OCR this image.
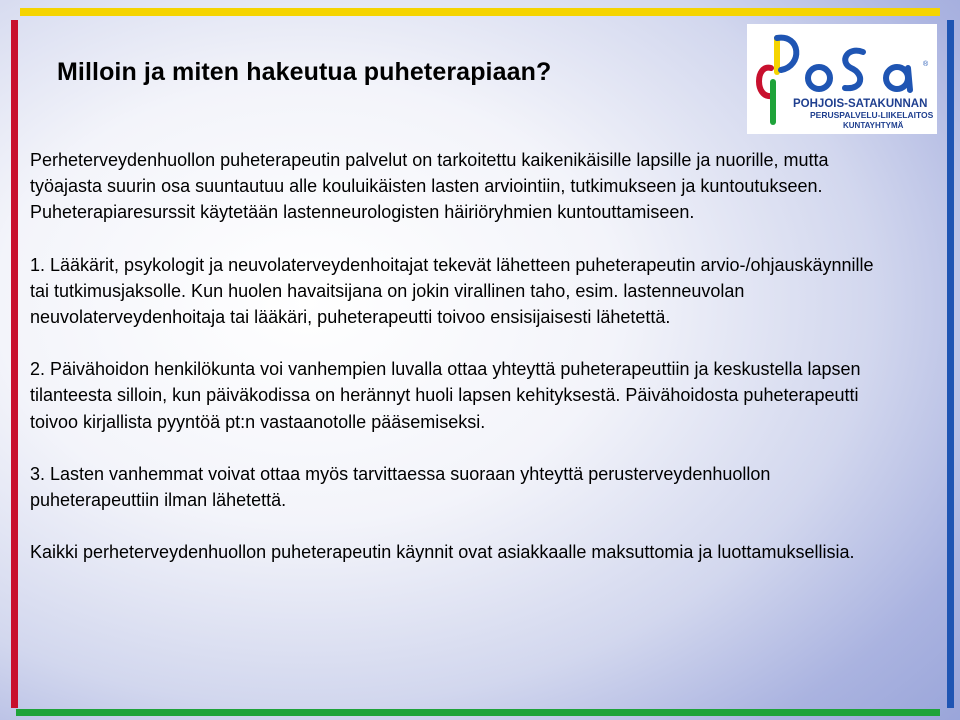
Milloin ja miten hakeutua puheterapiaan?	®
POHJOIS-SATAKUNNAN
PERUSPALVELU-LIIKELAITOS
KUNTAYHTYMÄ

Perheterveydenhuollon puheterapeutin palvelut on tarkoitettu kaikenikäisille lapsille ja nuorille, mutta työajasta suurin osa suuntautuu alle kouluikäisten lasten arviointiin, tutkimukseen ja kuntoutukseen. Puheterapiaresurssit käytetään lastenneurologisten häiriöryhmien kuntouttamiseen.

1. Lääkärit, psykologit ja neuvolaterveydenhoitajat tekevät lähetteen puheterapeutin arvio-/ohjauskäynnille tai tutkimusjaksolle. Kun huolen havaitsijana on jokin virallinen taho, esim. lastenneuvolan neuvolaterveydenhoitaja tai lääkäri, puheterapeutti toivoo ensisijaisesti lähetettä.

2. Päivähoidon henkilökunta voi vanhempien luvalla ottaa yhteyttä puheterapeuttiin ja keskustella lapsen tilanteesta silloin, kun päiväkodissa on herännyt huoli lapsen kehityksestä. Päivähoidosta puheterapeutti toivoo kirjallista pyyntöä pt:n vastaanotolle pääsemiseksi.

3. Lasten vanhemmat voivat ottaa myös tarvittaessa suoraan yhteyttä perusterveydenhuollon puheterapeuttiin ilman lähetettä.

Kaikki perheterveydenhuollon puheterapeutin käynnit ovat asiakkaalle maksuttomia ja luottamuksellisia.
